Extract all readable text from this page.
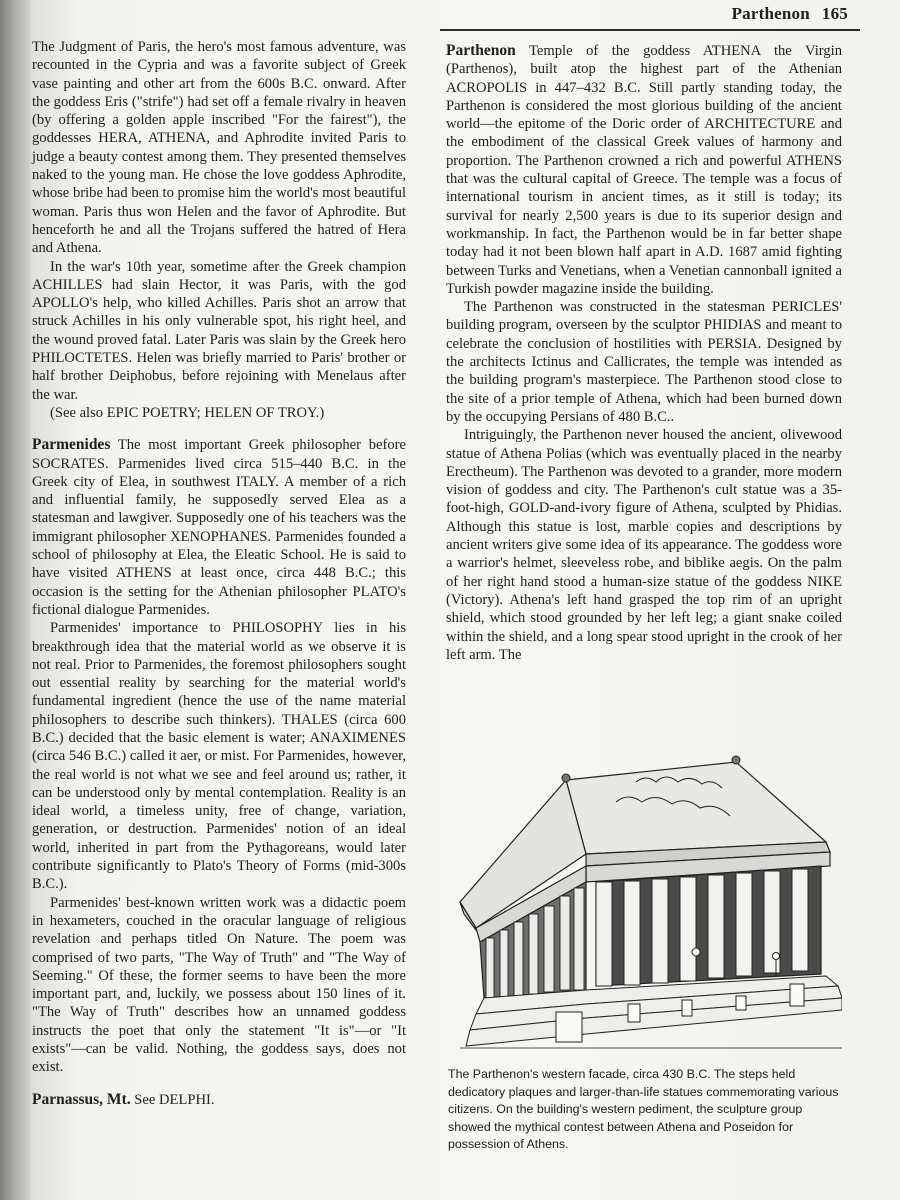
Parthenon 165

The Judgment of Paris, the hero's most famous adventure, was recounted in the Cypria and was a favorite subject of Greek vase painting and other art from the 600s B.C. onward. After the goddess Eris ("strife") had set off a female rivalry in heaven (by offering a golden apple inscribed "For the fairest"), the goddesses HERA, ATHENA, and Aphrodite invited Paris to judge a beauty contest among them. They presented themselves naked to the young man. He chose the love goddess Aphrodite, whose bribe had been to promise him the world's most beautiful woman. Paris thus won Helen and the favor of Aphrodite. But henceforth he and all the Trojans suffered the hatred of Hera and Athena.

In the war's 10th year, sometime after the Greek champion ACHILLES had slain Hector, it was Paris, with the god APOLLO's help, who killed Achilles. Paris shot an arrow that struck Achilles in his only vulnerable spot, his right heel, and the wound proved fatal. Later Paris was slain by the Greek hero PHILOCTETES. Helen was briefly married to Paris' brother or half brother Deiphobus, before rejoining with Menelaus after the war.

(See also EPIC POETRY; HELEN OF TROY.)

Parmenides The most important Greek philosopher before SOCRATES. Parmenides lived circa 515–440 B.C. in the Greek city of Elea, in southwest ITALY. A member of a rich and influential family, he supposedly served Elea as a statesman and lawgiver. Supposedly one of his teachers was the immigrant philosopher XENOPHANES. Parmenides founded a school of philosophy at Elea, the Eleatic School. He is said to have visited ATHENS at least once, circa 448 B.C.; this occasion is the setting for the Athenian philosopher PLATO's fictional dialogue Parmenides.

Parmenides' importance to PHILOSOPHY lies in his breakthrough idea that the material world as we observe it is not real. Prior to Parmenides, the foremost philosophers sought out essential reality by searching for the material world's fundamental ingredient (hence the use of the name material philosophers to describe such thinkers). THALES (circa 600 B.C.) decided that the basic element is water; ANAXIMENES (circa 546 B.C.) called it aer, or mist. For Parmenides, however, the real world is not what we see and feel around us; rather, it can be understood only by mental contemplation. Reality is an ideal world, a timeless unity, free of change, variation, generation, or destruction. Parmenides' notion of an ideal world, inherited in part from the Pythagoreans, would later contribute significantly to Plato's Theory of Forms (mid-300s B.C.).

Parmenides' best-known written work was a didactic poem in hexameters, couched in the oracular language of religious revelation and perhaps titled On Nature. The poem was comprised of two parts, "The Way of Truth" and "The Way of Seeming." Of these, the former seems to have been the more important part, and, luckily, we possess about 150 lines of it. "The Way of Truth" describes how an unnamed goddess instructs the poet that only the statement "It is"—or "It exists"—can be valid. Nothing, the goddess says, does not exist.

Parnassus, Mt. See DELPHI.

Parthenon Temple of the goddess ATHENA the Virgin (Parthenos), built atop the highest part of the Athenian ACROPOLIS in 447–432 B.C. Still partly standing today, the Parthenon is considered the most glorious building of the ancient world—the epitome of the Doric order of ARCHITECTURE and the embodiment of the classical Greek values of harmony and proportion. The Parthenon crowned a rich and powerful ATHENS that was the cultural capital of Greece. The temple was a focus of international tourism in ancient times, as it still is today; its survival for nearly 2,500 years is due to its superior design and workmanship. In fact, the Parthenon would be in far better shape today had it not been blown half apart in A.D. 1687 amid fighting between Turks and Venetians, when a Venetian cannonball ignited a Turkish powder magazine inside the building.

The Parthenon was constructed in the statesman PERICLES' building program, overseen by the sculptor PHIDIAS and meant to celebrate the conclusion of hostilities with PERSIA. Designed by the architects Ictinus and Callicrates, the temple was intended as the building program's masterpiece. The Parthenon stood close to the site of a prior temple of Athena, which had been burned down by the occupying Persians of 480 B.C..

Intriguingly, the Parthenon never housed the ancient, olivewood statue of Athena Polias (which was eventually placed in the nearby Erectheum). The Parthenon was devoted to a grander, more modern vision of goddess and city. The Parthenon's cult statue was a 35-foot-high, GOLD-and-ivory figure of Athena, sculpted by Phidias. Although this statue is lost, marble copies and descriptions by ancient writers give some idea of its appearance. The goddess wore a warrior's helmet, sleeveless robe, and biblike aegis. On the palm of her right hand stood a human-size statue of the goddess NIKE (Victory). Athena's left hand grasped the top rim of an upright shield, which stood grounded by her left leg; a giant snake coiled within the shield, and a long spear stood upright in the crook of her left arm. The

The Parthenon's western facade, circa 430 B.C. The steps held dedicatory plaques and larger-than-life statues commemorating various citizens. On the building's western pediment, the sculpture group showed the mythical contest between Athena and Poseidon for possession of Athens.
